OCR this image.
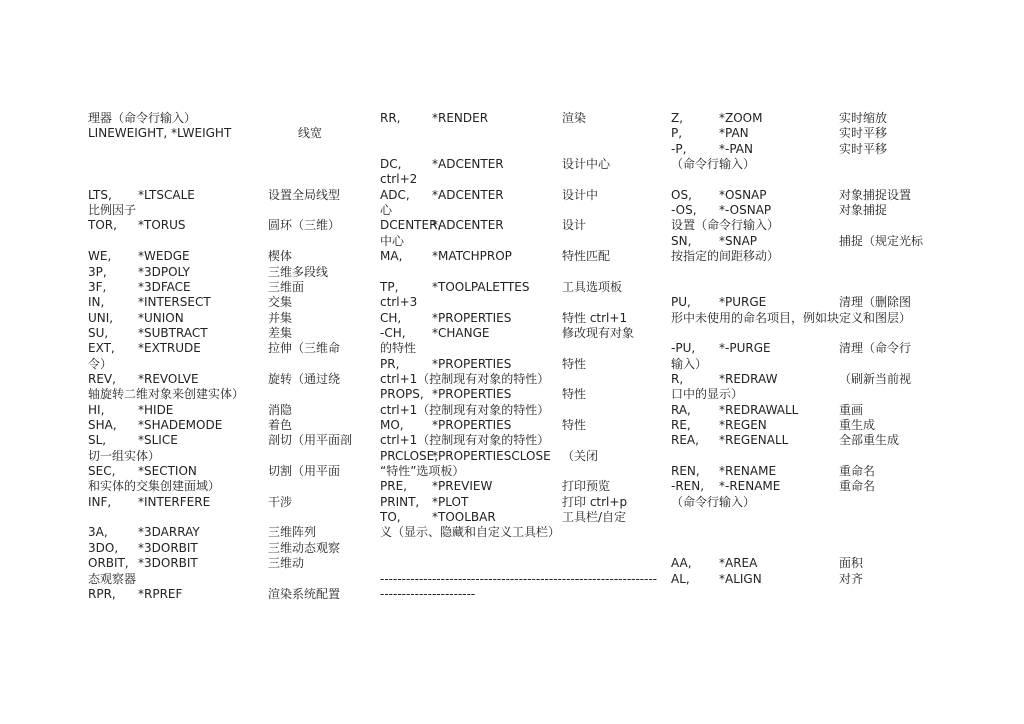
理器（命令行输入）
LINEWEIGHT, *LWEIGHT	线宽
LTS, *LTSCALE	设置全局线型
比例因子
TOR, *TORUS	圆环（三维）
WE, *WEDGE	楔体
3P,	*3DPOLY	三维多段线
3F,	*3DFACE	三维面
IN,	*INTERSECT	交集
UNI, *UNION	并集
SU, *SUBTRACT	差集
EXT, *EXTRUDE	拉伸（三维命
令）
REV, *REVOLVE	旋转（通过绕
轴旋转二维对象来创建实体）
HI,	*HIDE	消隐
SHA, *SHADEMODE	着色
SL,	*SLICE	剖切（用平面剖
切一组实体）
SEC, *SECTION	切割（用平面
和实体的交集创建面域）
INF, *INTERFERE	干涉
3A,	*3DARRAY	三维阵列
3DO, *3DORBIT	三维动态观察
ORBIT, *3DORBIT	三维动
态观察器
RPR, *RPREF	渲染系统配置
RR,	*RENDER	渲染
DC,	*ADCENTER	设计中心
ctrl+2
ADC, *ADCENTER	设计中
心
DCENTER,
*ADCENTER	设计
中心
MA, *MATCHPROP	特性匹配
TP,	*TOOLPALETTES	工具选项板
ctrl+3
CH,	*PROPERTIES	特性 ctrl+1
-CH, *CHANGE	修改现有对象
的特性
PR,	*PROPERTIES	特性
ctrl+1（控制现有对象的特性）
PROPS, *PROPERTIES	特性
ctrl+1（控制现有对象的特性）
MO, *PROPERTIES	特性
ctrl+1（控制现有对象的特性）
PRCLOSE,
*PROPERTIESCLOSE （关闭
“特性”选项板）
PRE, *PREVIEW	打印预览
PRINT, *PLOT	打印 ctrl+p
TO,	*TOOLBAR	工具栏/自定
义（显示、隐藏和自定义工具栏）
----------------------------------------------------------------
----------------------
Z,	*ZOOM	实时缩放
P,	*PAN	实时平移
-P,	*-PAN	实时平移
（命令行输入）
OS, *OSNAP	对象捕捉设置
-OS, *-OSNAP	对象捕捉
设置（命令行输入）
SN, *SNAP	捕捉（规定光标
按指定的间距移动）
PU, *PURGE	清理（删除图
形中未使用的命名项目，例如块定义和图层）
-PU, *-PURGE	清理（命令行
输入）
R,	*REDRAW	（刷新当前视
口中的显示）
RA, *REDRAWALL	重画
RE, *REGEN	重生成
REA, *REGENALL	全部重生成
REN, *RENAME	重命名
-REN, *-RENAME	重命名
（命令行输入）
AA, *AREA	面积
AL, *ALIGN	对齐
